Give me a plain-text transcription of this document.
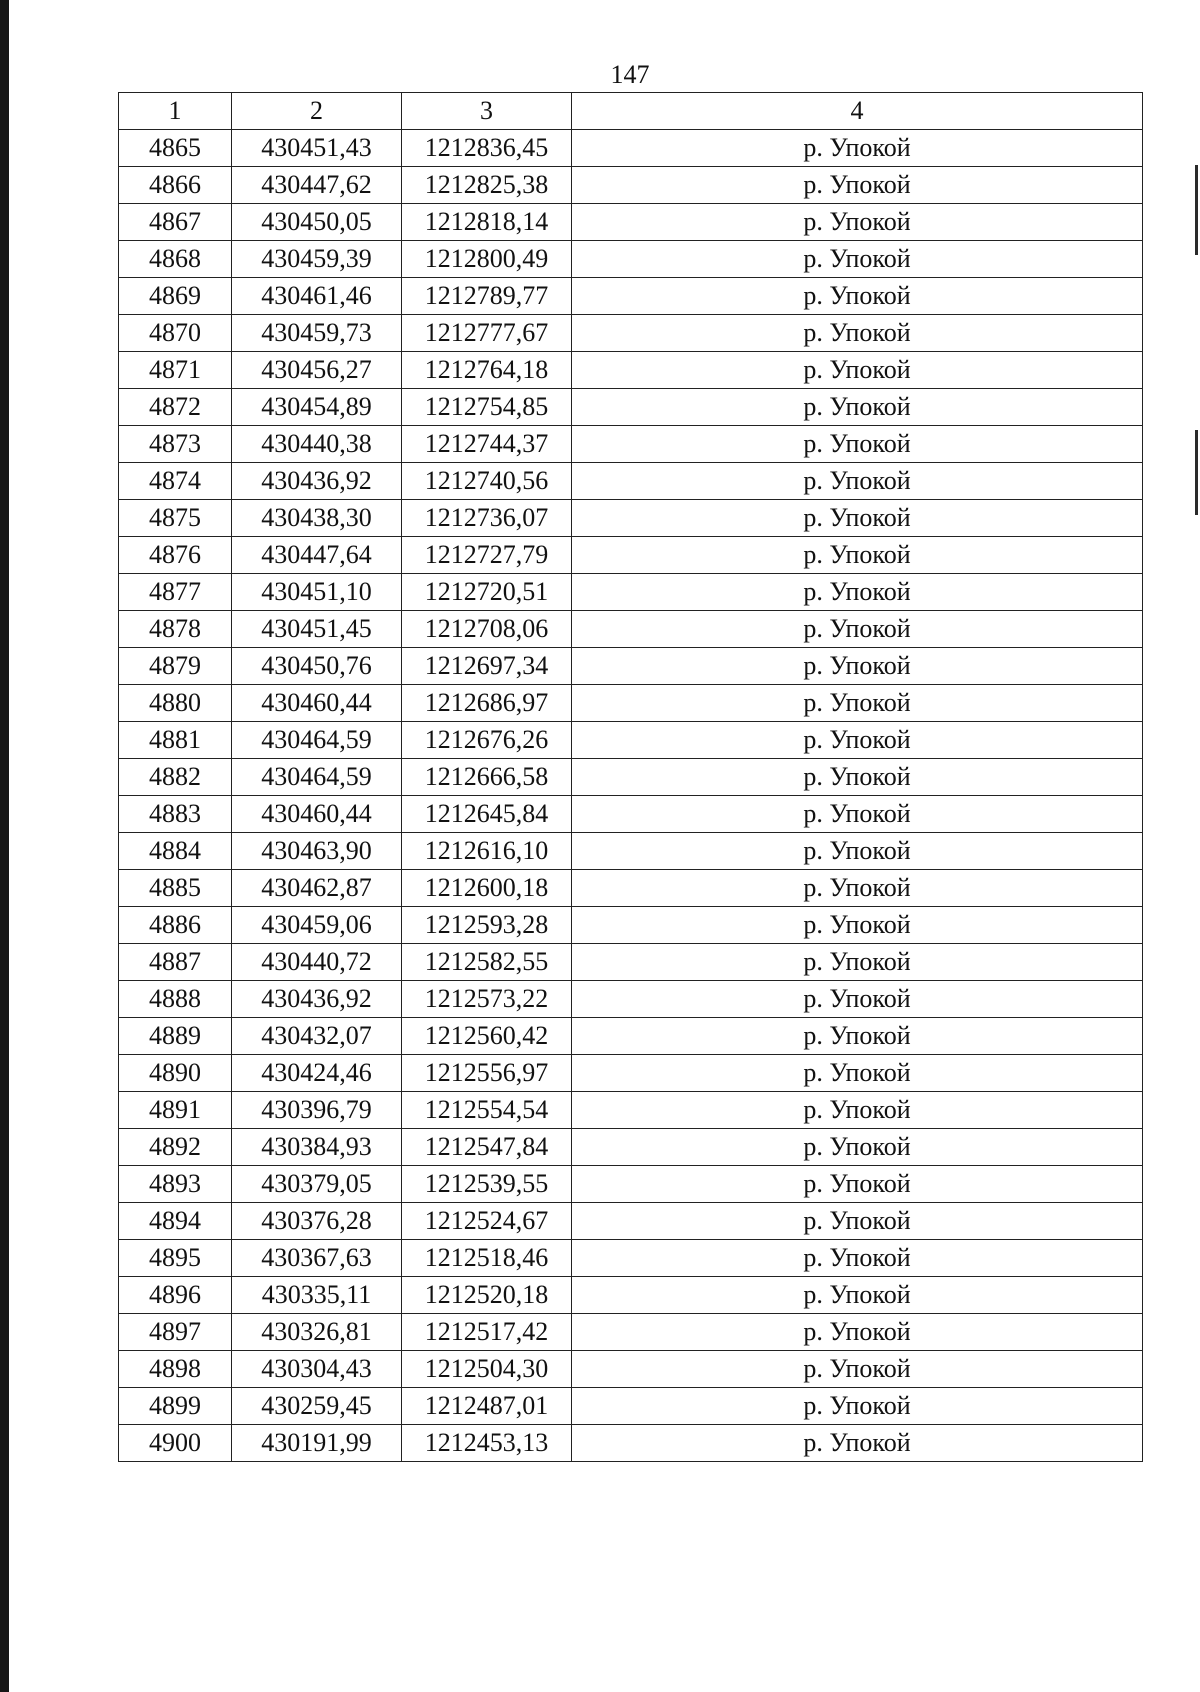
147
1	2	3	4
4865	430451,43	1212836,45	р. Упокой
4866	430447,62	1212825,38	р. Упокой
4867	430450,05	1212818,14	р. Упокой
4868	430459,39	1212800,49	р. Упокой
4869	430461,46	1212789,77	р. Упокой
4870	430459,73	1212777,67	р. Упокой
4871	430456,27	1212764,18	р. Упокой
4872	430454,89	1212754,85	р. Упокой
4873	430440,38	1212744,37	р. Упокой
4874	430436,92	1212740,56	р. Упокой
4875	430438,30	1212736,07	р. Упокой
4876	430447,64	1212727,79	р. Упокой
4877	430451,10	1212720,51	р. Упокой
4878	430451,45	1212708,06	р. Упокой
4879	430450,76	1212697,34	р. Упокой
4880	430460,44	1212686,97	р. Упокой
4881	430464,59	1212676,26	р. Упокой
4882	430464,59	1212666,58	р. Упокой
4883	430460,44	1212645,84	р. Упокой
4884	430463,90	1212616,10	р. Упокой
4885	430462,87	1212600,18	р. Упокой
4886	430459,06	1212593,28	р. Упокой
4887	430440,72	1212582,55	р. Упокой
4888	430436,92	1212573,22	р. Упокой
4889	430432,07	1212560,42	р. Упокой
4890	430424,46	1212556,97	р. Упокой
4891	430396,79	1212554,54	р. Упокой
4892	430384,93	1212547,84	р. Упокой
4893	430379,05	1212539,55	р. Упокой
4894	430376,28	1212524,67	р. Упокой
4895	430367,63	1212518,46	р. Упокой
4896	430335,11	1212520,18	р. Упокой
4897	430326,81	1212517,42	р. Упокой
4898	430304,43	1212504,30	р. Упокой
4899	430259,45	1212487,01	р. Упокой
4900	430191,99	1212453,13	р. Упокой
